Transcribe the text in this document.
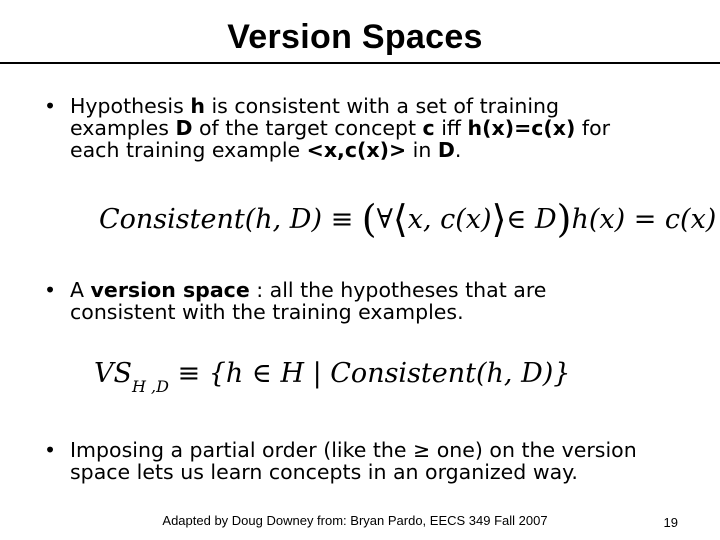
Version Spaces
• Hypothesis h is consistent with a set of training
examples D of the target concept c iff h(x)=c(x) for
each training example <x,c(x)> in D.
Consistent(h, D) ≡ (∀⟨x, c(x)⟩∈ D)h(x) = c(x)
• A version space : all the hypotheses that are
consistent with the training examples.
$VS_{H ,D} \equiv \{h$ ∈ H | Consistent(h, D)}
• Imposing a partial order (like the ≥ one) on the version
space lets us learn concepts in an organized way.
Adapted by Doug Downey from: Bryan Pardo, EECS 349 Fall 2007	19
